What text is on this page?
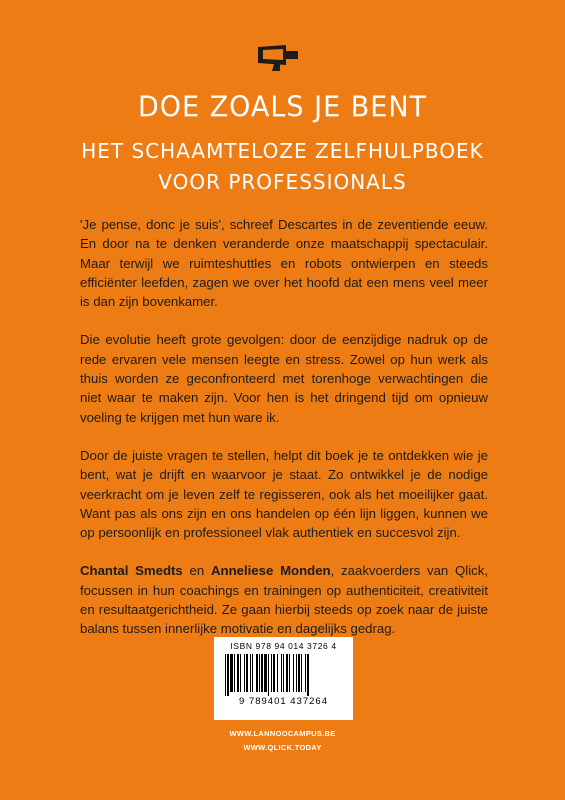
DOE ZOALS JE BENT
HET SCHAAMTELOZE ZELFHULPBOEK
VOOR PROFESSIONALS

'Je pense, donc je suis', schreef Descartes in de zeventiende eeuw. En door na te denken veranderde onze maatschappij spectaculair. Maar terwijl we ruimteshuttles en robots ontwierpen en steeds efficiënter leefden, zagen we over het hoofd dat een mens veel meer is dan zijn bovenkamer.

Die evolutie heeft grote gevolgen: door de eenzijdige nadruk op de rede ervaren vele mensen leegte en stress. Zowel op hun werk als thuis worden ze geconfronteerd met torenhoge verwachtingen die niet waar te maken zijn. Voor hen is het dringend tijd om opnieuw voeling te krijgen met hun ware ik.

Door de juiste vragen te stellen, helpt dit boek je te ontdekken wie je bent, wat je drijft en waarvoor je staat. Zo ontwikkel je de nodige veerkracht om je leven zelf te regisseren, ook als het moeilijker gaat. Want pas als ons zijn en ons handelen op één lijn liggen, kunnen we op persoonlijk en professioneel vlak authentiek en succesvol zijn.

Chantal Smedts en Anneliese Monden, zaakvoerders van Qlick, focussen in hun coachings en trainingen op authenticiteit, creativiteit en resultaatgerichtheid. Ze gaan hierbij steeds op zoek naar de juiste balans tussen innerlijke motivatie en dagelijks gedrag.

ISBN 978 94 014 3726 4
9 789401 437264
WWW.LANNOOCAMPUS.BE
WWW.QLICK.TODAY
